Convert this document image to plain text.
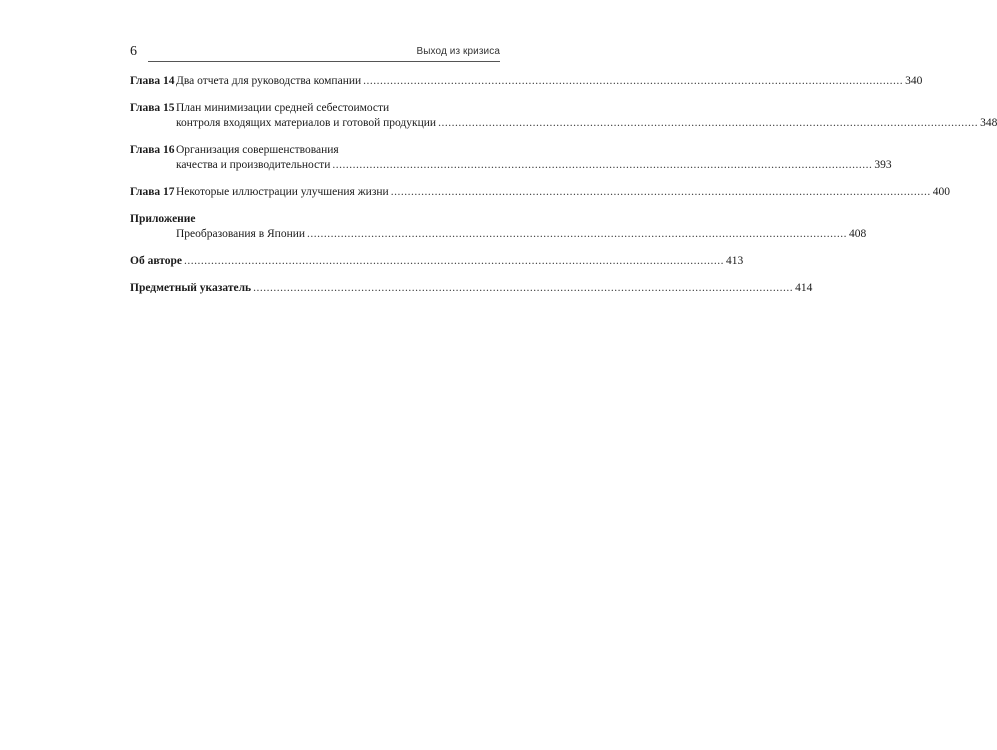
6	Выход из кризиса
Глава 14 Два отчета для руководства компании .....	340
Глава 15 План минимизации средней себестоимости
контроля входящих материалов и готовой продукции .....	348
Глава 16 Организация совершенствования
качества и производительности .....	393
Глава 17 Некоторые иллюстрации улучшения жизни .....	400
Приложение
Преобразования в Японии .....	408
Об авторе .....	413
Предметный указатель .....	414
